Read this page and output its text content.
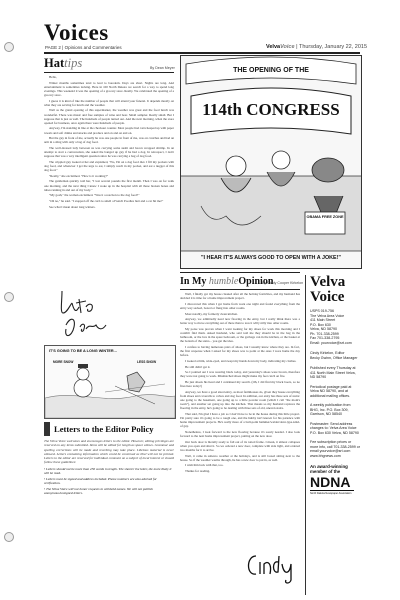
Voices
PAGE 2 | Opinions and Commentaries	VelvaVoice | Thursday, January 22, 2015
Hattips	By Dean Meyer

Hello,

Winter months sometimes tend to lead to boredom. Days are short. Nights are long. And entertainment is sometimes lacking. Here in 100 North Dakota we search for a way to spend long evenings. This weekend it was the opening of a grocery store. Really. We celebrated the opening of a grocery store.

I guess it is kind of like the number of people that will attend your funeral. It depends mostly on what they are serving for lunch and the weather.

Well as the grand opening of this supermarket, the weather was great and the food lunch was wonderful. There was music and free samples of wine and beer. Small sampler. Really small. But I suppose that is just as well. The hundreds of people turned out. And the next morning, when the store opened for business, once again there were hundreds of people.

Anyway, I'm standing in line at the checkout counter. Most people had carts heaped up with paper towels and soft drinks and snacks and produce and on and on and on.

But the guy in front of me, actually he was one people in front of me, was on crutches and had an arm in a sling with only a bag of dog food.

The well-dressed lady between us was carrying some sushi and bacon wrapped shrimp. In an attempt to start a conversation, she asked the banged up guy if he had a dog. In retrospect, I don't suppose that was a very intelligent question since he was carrying a bag of dog food.

The crippled guy looked at her and explained, "No, I'm on a dog food diet. I fill my pockets with dog food, and whenever I get the urge to eat, I simply reach in my pocket, and eat a nugget of this dog food."

"Really," she exclaimed. "How is it working?"

The gentleman quickly told her, "I lost several pounds the first month. Then I was on for walk one morning, and the next thing I knew I woke up in the hospital with all these broken bones and tubes running in and out of my body."

"My gosh," the woman exclaimed. "Was it a reaction to the dog food?"

"Oh no," he said. "I stopped off the curb to smell a French Poodles butt and a car hit me!"

See what I mean about long winters.

IT'S GOING TO BE A LONG WINTER...
MORE SNOW	LESS SNOW
Letters to the Editor Policy
The Velva Voice welcomes and encourages letters to the editor. However, editing privileges are reserved on any items submitted. Items will be edited for length as space allows. Grammar and spelling corrections will be made and rewriting may take place. Libelous material is never allowed. Letters containing information which could be construed as libel will not be printed. Letters to the editor are reserved for individual comment on a subject of local interest or should follow these guidelines:
• Letters should not be more than 250 words in length. The shorter the letter, the more likely it will be read.
• Letters must be signed and address included. Phone numbers are also advised for verification.
• The Velva Voice will not honor requests to withhold names. We will not publish anonymous/unsigned letters.
THE OPENING OF THE
114th CONGRESS
OBAMA FREE ZONE
"I HEAR IT'S ALWAYS GOOD TO OPEN WITH A JOKE!"
In My humbleOpinion
By Cindy Cooper Kirkelon

Well, I finally got my house cleaned after all the holiday festivities, and my husband has decided it is time for a home improvement project.

I discovered this when I got home from work one night and found everything from the entry way sacked, boxed or flung into other rooms.

Most notably, my formerly clean kitchen.

Anyway, we admittedly need new flooring in the entry, but I really think there was a better way to move everything out of there than to toss it willy nilly into other rooms.

My poise was proven when I went looking for my shoes for work this morning and I couldn't find them. Asked husband, who said told me they should be in the bag in the bathroom, or the box in the spare bedroom, or the garbage can in the kitchen, or the basket at the bottom of the stairs... you get the idea.

I confess to having numerous pairs of shoes, but I usually know where they are. In fact, the first response when I asked for my shoes was to point at the ones I wore home the day before.

I looked at him, wide-eyed, and swept my hands down my body, indicating my clothes.

He still didn't get it.

So I pointed out I was wearing black today, and yesterday's shoes were brown, therefore they were not going to work. Mismatched shoes might make my feet catch on fire.

He just shook his head and I continued my search. (Oh, I did find my black boots, so no fires here today!)

Anyway, we have a good sized entry, as most farmhouses do, given they house everything from shoes and coveralls to calves and dog food. In addition, our entry has three sets of stairs: one going to the basement, one going up to a little powder room (which I call "the mom's room"), and another set going up into the kitchen. That means so my husband replaces the flooring in the entry, he's going to be dealing with three sets of old, uneven stairs.

That said, I'm glad I have a job so I don't have to be in the house during this little project. I'm pretty sure it's going to be a rough one, and the hubby isn't known for his patience with home improvement projects. He's really more of a bull-point hammer/welder/dont-type-kind-of guy.

Nonetheless, I look forward to the new flooring because it's sorely needed. I also look forward to the next home improvement project, putting on the new door.

Our back door is literally ready to fall out of its rotted frame. I mean, it almost collapses when you open and shut it. So we ordered a new door, complete with side light, and ordered two months for it to arrive.

Well, it came in subzero weather at the holidays, and is still boxed sitting next to the house. So if the weather warms through, he has a new door to put in, as well.

I wish him luck with that, too.

Thanks for reading.

Velva
Voice
USPS 019-756
The Velva Area Voice
411 Main Street
P.O. Box 630
Velva, ND 58790
Ph. 701-338-2599
Fax 701-338-2795
Email: yourvoice@srt.com
Cindy Kirkelon, Editor
Becky Gwinn, Office Manager
Published every Thursday at 411 North Main Street Velva, ND 58790
Periodical postage paid at Velva ND 58790, and at additional mailing offices.
A weekly publication from BHG, Inc. P.O. Box 309, Garrison, ND 58540
Postmaster: Send address changes to: Velva Area Voice P.O. Box 630 Velva, ND 58790
Fee subscription prices or more info, call 701-338-2599 or email yourvoice@srt.com www.bhgnews.com
An award-winning member of the
NDNA
North Dakota Newspaper Association
